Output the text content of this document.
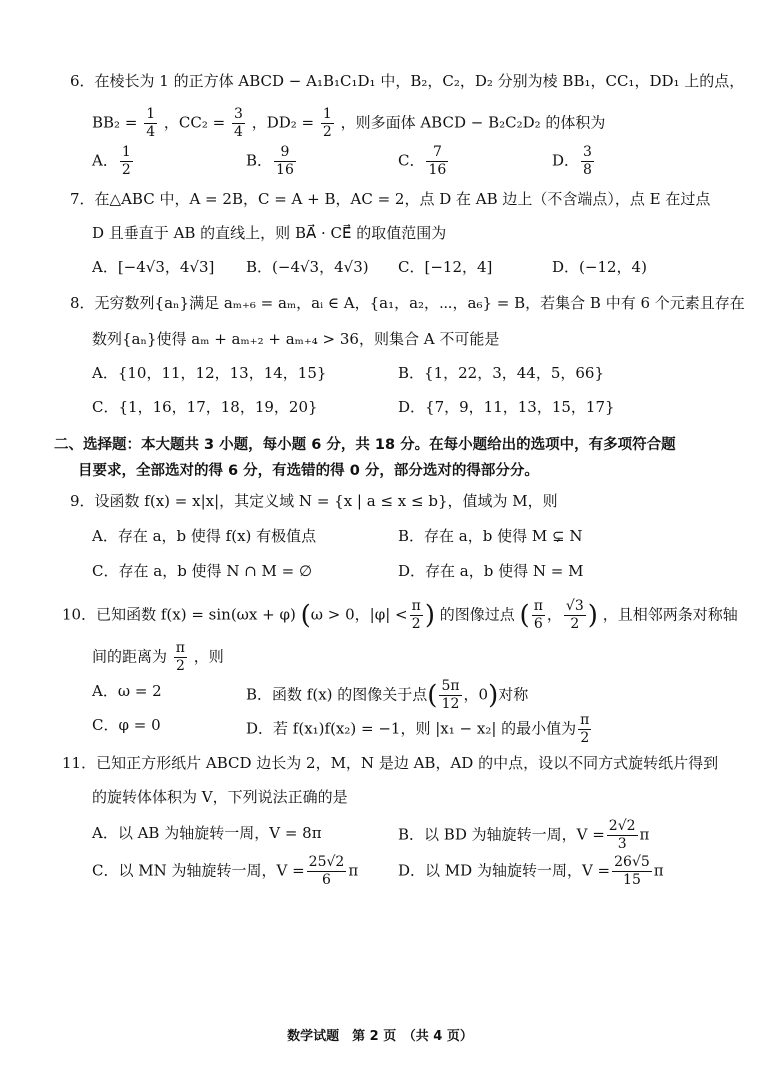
6．在棱长为 1 的正方体 ABCD − A₁B₁C₁D₁ 中，B₂，C₂，D₂ 分别为棱 BB₁，CC₁，DD₁ 上的点，
$BB_2 = \frac{1}{4}$ ，$CC_2 = \frac{3}{4}$ ，$DD_2 = \frac{1}{2}$ ，则多面体 ABCD − B₂C₂D₂ 的体积为
A． $\frac{1}{2}$	B． $\frac{9}{16}$	C． $\frac{7}{16}$	D． $\frac{3}{8}$
7．在△ABC 中，A = 2B，C = A + B，AC = 2，点 D 在 AB 边上（不含端点），点 E 在过点
D 且垂直于 AB 的直线上，则 BA⃗ · CE⃗ 的取值范围为
A．[−4√3，4√3] B．(−4√3，4√3) C．[−12，4]	D．(−12，4)
8．无穷数列{aₙ}满足 aₘ₊₆ = aₘ，aᵢ ∈ A，{a₁，a₂，⋯，a₆} = B，若集合 B 中有 6 个元素且存在
数列{aₙ}使得 aₘ + aₘ₊₂ + aₘ₊₄ > 36，则集合 A 不可能是
A．{10，11，12，13，14，15}	B．{1，22，3，44，5，66}
C．{1，16，17，18，19，20}	D．{7，9，11，13，15，17}
二、选择题：本大题共 3 小题，每小题 6 分，共 18 分。在每小题给出的选项中，有多项符合题
目要求，全部选对的得 6 分，有选错的得 0 分，部分选对的得部分分。
9．设函数 f(x) = x|x|，其定义域 N = {x | a ≤ x ≤ b}，值域为 M，则
A．存在 a，b 使得 f(x) 有极值点	B．存在 a，b 使得 M ⊊ N
C．存在 a，b 使得 N ∩ M = ∅	D．存在 a，b 使得 N = M
10．已知函数 f(x) = sin(ωx + φ) (ω > 0，$|\varphi| < \frac{\pi}{2}$ ) 的图像过点 ( $\frac{\pi}{6}$ ， $\frac{√3}{2}$ ) ，且相邻两条对称轴
间的距离为 $\frac{\pi}{2}$ ，则
A．ω = 2	B．函数 f(x) 的图像关于点( $\frac{5\pi}{12}$ ，0)对称
C．φ = 0	D．若 f(x₁)f(x₂) = −1，则 |x₁ − x₂| 的最小值为 $\frac{\pi}{2}$
11．已知正方形纸片 ABCD 边长为 2，M，N 是边 AB，AD 的中点，设以不同方式旋转纸片得到
的旋转体体积为 V，下列说法正确的是
A．以 AB 为轴旋转一周，V = 8π	B．以 BD 为轴旋转一周，$V = \frac{2√2}{3}$ π
C．以 MN 为轴旋转一周，$V = \frac{25√2}{6}$ π	D．以 MD 为轴旋转一周，$V = \frac{26√5}{15}$ π
数学试题　第 2 页　（共 4 页）
